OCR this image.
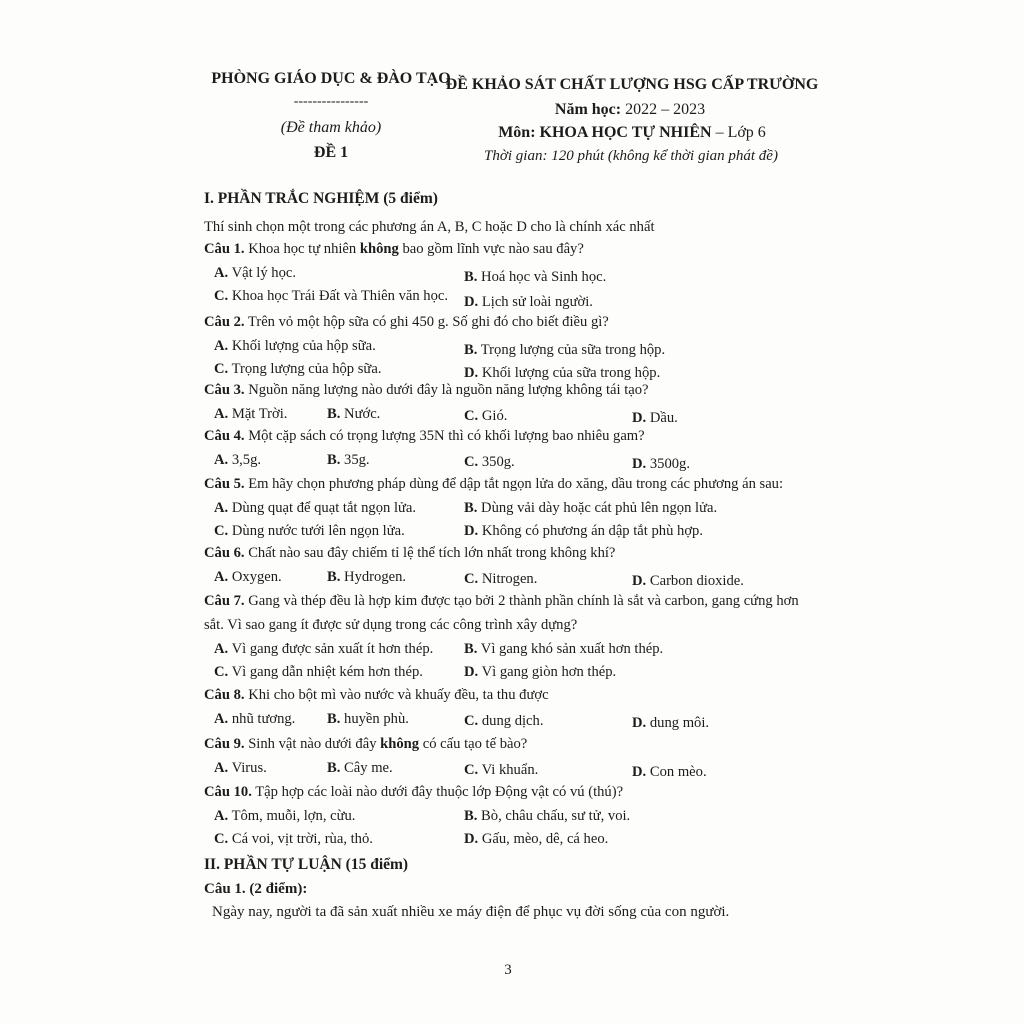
PHÒNG GIÁO DỤC & ĐÀO TẠO
----------------
(Đề tham khảo)
ĐỀ 1
ĐỀ KHẢO SÁT CHẤT LƯỢNG HSG CẤP TRƯỜNG
Năm học: 2022 – 2023
Môn: KHOA HỌC TỰ NHIÊN – Lớp 6
Thời gian: 120 phút (không kể thời gian phát đề)
I. PHẦN TRẮC NGHIỆM (5 điểm)
Thí sinh chọn một trong các phương án A, B, C hoặc D cho là chính xác nhất
Câu 1. Khoa học tự nhiên không bao gồm lĩnh vực nào sau đây?
A. Vật lý học.	B. Hoá học và Sinh học.
C. Khoa học Trái Đất và Thiên văn học. D. Lịch sử loài người.
Câu 2. Trên vỏ một hộp sữa có ghi 450 g. Số ghi đó cho biết điều gì?
A. Khối lượng của hộp sữa.	B. Trọng lượng của sữa trong hộp.
C. Trọng lượng của hộp sữa.	D. Khối lượng của sữa trong hộp.
Câu 3. Nguồn năng lượng nào dưới đây là nguồn năng lượng không tái tạo?
A. Mặt Trời.	B. Nước.	C. Gió.	D. Dầu.
Câu 4. Một cặp sách có trọng lượng 35N thì có khối lượng bao nhiêu gam?
A. 3,5g.	B. 35g.	C. 350g.	D. 3500g.
Câu 5. Em hãy chọn phương pháp dùng để dập tắt ngọn lửa do xăng, dầu trong các phương án sau:
A. Dùng quạt để quạt tắt ngọn lửa.	B. Dùng vải dày hoặc cát phủ lên ngọn lửa.
C. Dùng nước tưới lên ngọn lửa.	D. Không có phương án dập tắt phù hợp.
Câu 6. Chất nào sau đây chiếm tỉ lệ thể tích lớn nhất trong không khí?
A. Oxygen.	B. Hydrogen.	C. Nitrogen.	D. Carbon dioxide.
Câu 7. Gang và thép đều là hợp kim được tạo bởi 2 thành phần chính là sắt và carbon, gang cứng hơn
sắt. Vì sao gang ít được sử dụng trong các công trình xây dựng?
A. Vì gang được sản xuất ít hơn thép. B. Vì gang khó sản xuất hơn thép.
C. Vì gang dẫn nhiệt kém hơn thép.	D. Vì gang giòn hơn thép.
Câu 8. Khi cho bột mì vào nước và khuấy đều, ta thu được
A. nhũ tương. B. huyền phù.	C. dung dịch.	D. dung môi.
Câu 9. Sinh vật nào dưới đây không có cấu tạo tế bào?
A. Virus.	B. Cây me.	C. Vi khuẩn.	D. Con mèo.
Câu 10. Tập hợp các loài nào dưới đây thuộc lớp Động vật có vú (thú)?
A. Tôm, muỗi, lợn, cừu.	B. Bò, châu chấu, sư tử, voi.
C. Cá voi, vịt trời, rùa, thỏ.	D. Gấu, mèo, dê, cá heo.
II. PHẦN TỰ LUẬN (15 điểm)
Câu 1. (2 điểm):
Ngày nay, người ta đã sản xuất nhiều xe máy điện để phục vụ đời sống của con người.
3
